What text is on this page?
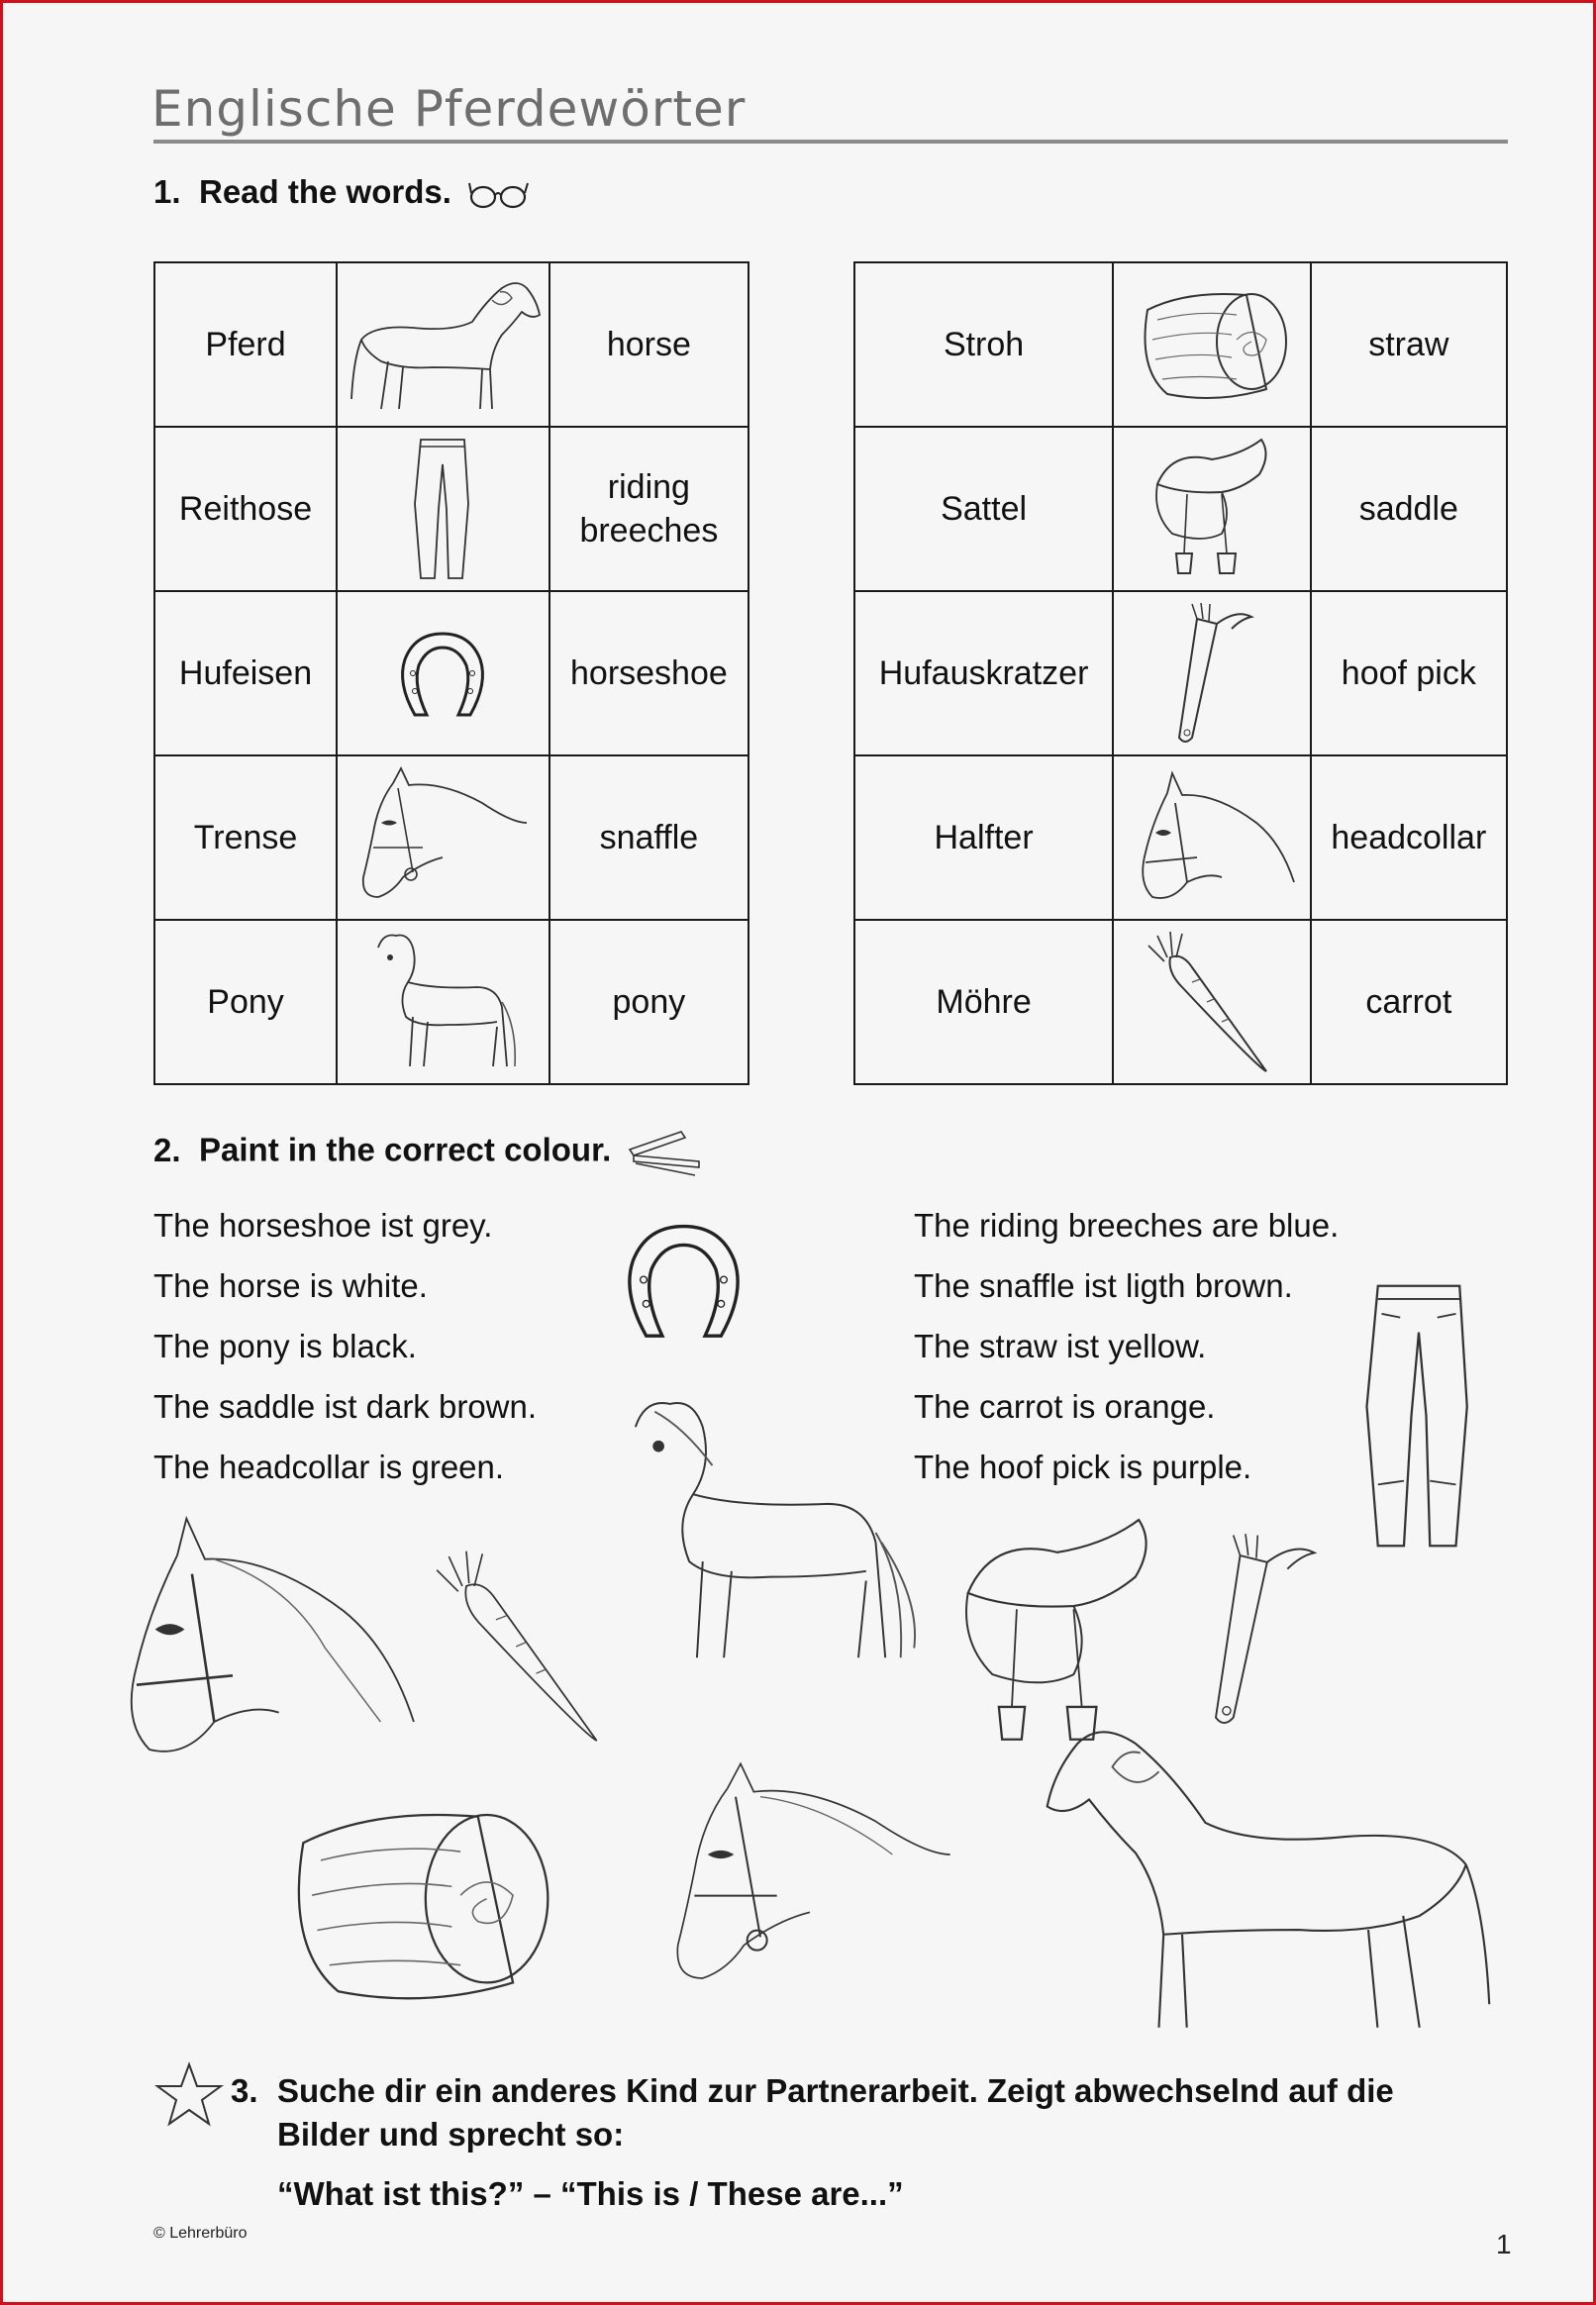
Englische Pferdewörter
1. Read the words.
Pferd		horse
Reithose		riding
breeches

Hufeisen		horseshoe
Trense		snaffle
Pony		pony
Stroh		straw
Sattel		saddle
Hufauskratzer		hoof pick
Halfter		headcollar
Möhre		carrot
2. Paint in the correct colour.
The horseshoe ist grey.
The horse is white.
The pony is black.
The saddle ist dark brown.
The headcollar is green.
The riding breeches are blue.
The snaffle ist ligth brown.
The straw ist yellow.
The carrot is orange.
The hoof pick is purple.
3. Suche dir ein anderes Kind zur Partnerarbeit. Zeigt abwechselnd auf die
Bilder und sprecht so:
“What ist this?” – “This is / These are...”
© Lehrerbüro	1
